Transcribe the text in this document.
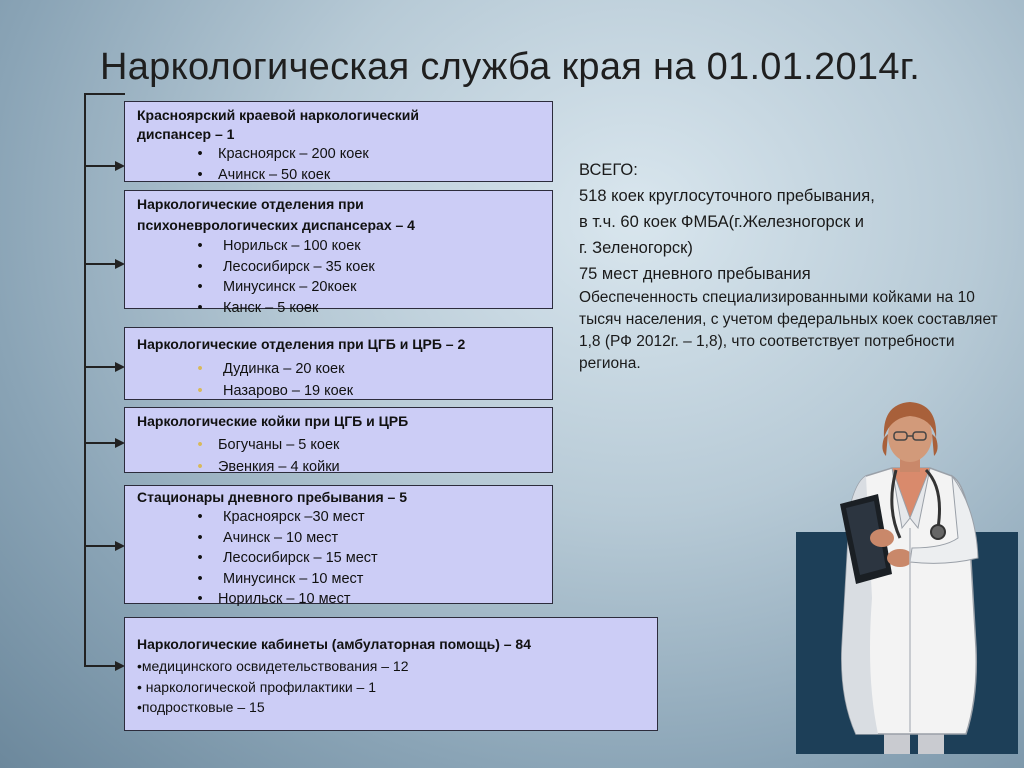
Наркологическая служба края на 01.01.2014г.
Красноярский краевой наркологический
диспансер – 1
• Красноярск – 200 коек
• Ачинск – 50 коек
Наркологические отделения при
психоневрологических диспансерах – 4
• Норильск – 100 коек
• Лесосибирск – 35 коек
• Минусинск – 20коек
• Канск – 5 коек
Наркологические отделения при ЦГБ и ЦРБ – 2
• Дудинка – 20 коек
• Назарово – 19 коек
Наркологические койки при ЦГБ и ЦРБ
• Богучаны – 5 коек
• Эвенкия – 4 койки
Стационары дневного пребывания – 5
• Красноярск –30 мест
• Ачинск – 10 мест
• Лесосибирск – 15 мест
• Минусинск – 10 мест
• Норильск – 10 мест
Наркологические кабинеты (амбулаторная помощь) – 84
•медицинского освидетельствования – 12
• наркологической профилактики – 1
•подростковые – 15
ВСЕГО:
518 коек круглосуточного пребывания,
в т.ч. 60 коек ФМБА(г.Железногорск и
г. Зеленогорск)
75 мест дневного пребывания
Обеспеченность специализированными койками на 10 тысяч населения, с учетом федеральных коек составляет 1,8 (РФ 2012г. – 1,8), что соответствует потребности региона.
